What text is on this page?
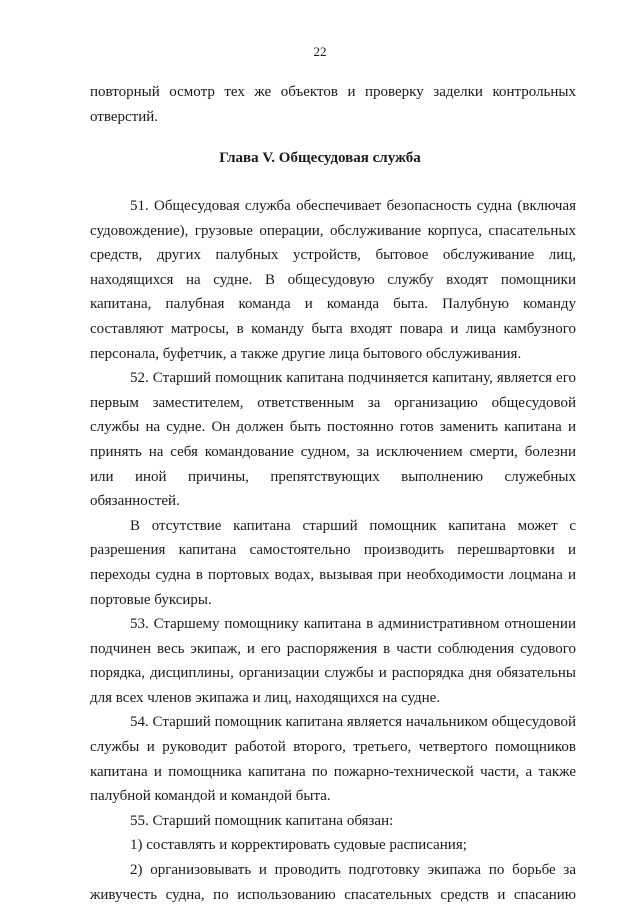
22

повторный осмотр тех же объектов и проверку заделки контрольных

отверстий.

Глава V. Общесудовая служба

51. Общесудовая служба обеспечивает безопасность судна (включая судовождение), грузовые операции, обслуживание корпуса, спасательных средств, других палубных устройств, бытовое обслуживание лиц, находящихся на судне. В общесудовую службу входят помощники капитана, палубная команда и команда быта. Палубную команду составляют матросы, в команду быта входят повара и лица камбузного персонала, буфетчик, а также другие лица бытового обслуживания.

52. Старший помощник капитана подчиняется капитану, является его первым заместителем, ответственным за организацию общесудовой службы на судне. Он должен быть постоянно готов заменить капитана и принять на себя командование судном, за исключением смерти, болезни или иной причины, препятствующих выполнению служебных обязанностей.

В отсутствие капитана старший помощник капитана может с разрешения капитана самостоятельно производить перешвартовки и переходы судна в портовых водах, вызывая при необходимости лоцмана и портовые буксиры.

53. Старшему помощнику капитана в административном отношении подчинен весь экипаж, и его распоряжения в части соблюдения судового порядка, дисциплины, организации службы и распорядка дня обязательны для всех членов экипажа и лиц, находящихся на судне.

54. Старший помощник капитана является начальником общесудовой службы и руководит работой второго, третьего, четвертого помощников капитана и помощника капитана по пожарно-технической части, а также палубной командой и командой быта.

55. Старший помощник капитана обязан:

1) составлять и корректировать судовые расписания;

2) организовывать и проводить подготовку экипажа по борьбе за живучесть судна, по использованию спасательных средств и спасанию
